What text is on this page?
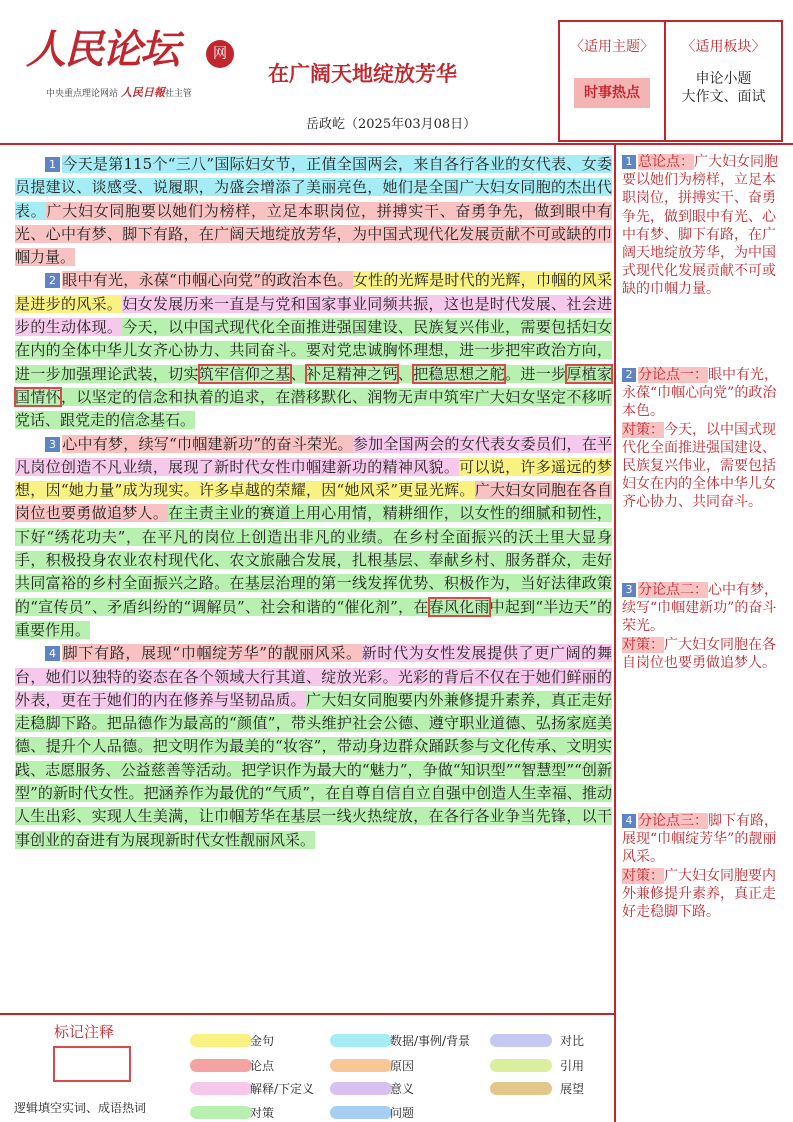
人民论坛	网
中央重点理论网站 人民日報社主管
在广阔天地绽放芳华
岳政屹（2025年03月08日）
〈适用主题〉
时事热点
〈适用板块〉
申论小题
大作文、面试

1 今天是第115个“三八”国际妇女节，正值全国两会，来自各行各业的女代表、女委员提建议、谈感受、说履职，为盛会增添了美丽亮色，她们是全国广大妇女同胞的杰出代表。广大妇女同胞要以她们为榜样，立足本职岗位，拼搏实干、奋勇争先，做到眼中有光、心中有梦、脚下有路，在广阔天地绽放芳华，为中国式现代化发展贡献不可或缺的巾帼力量。

2 眼中有光，永葆“巾帼心向党”的政治本色。女性的光辉是时代的光辉，巾帼的风采是进步的风采。妇女发展历来一直是与党和国家事业同频共振，这也是时代发展、社会进步的生动体现。今天，以中国式现代化全面推进强国建设、民族复兴伟业，需要包括妇女在内的全体中华儿女齐心协力、共同奋斗。要对党忠诚胸怀理想，进一步把牢政治方向，进一步加强理论武装，切实筑牢信仰之基、补足精神之钙、把稳思想之舵。进一步厚植家国情怀，以坚定的信念和执着的追求，在潜移默化、润物无声中筑牢广大妇女坚定不移听党话、跟党走的信念基石。

3 心中有梦，续写“巾帼建新功”的奋斗荣光。参加全国两会的女代表女委员们，在平凡岗位创造不凡业绩，展现了新时代女性巾帼建新功的精神风貌。可以说，许多遥远的梦想，因“她力量”成为现实。许多卓越的荣耀，因“她风采”更显光辉。广大妇女同胞在各自岗位也要勇做追梦人。在主责主业的赛道上用心用情，精耕细作，以女性的细腻和韧性，下好“绣花功夫”，在平凡的岗位上创造出非凡的业绩。在乡村全面振兴的沃土里大显身手，积极投身农业农村现代化、农文旅融合发展，扎根基层、奉献乡村、服务群众，走好共同富裕的乡村全面振兴之路。在基层治理的第一线发挥优势、积极作为，当好法律政策的“宣传员”、矛盾纠纷的“调解员”、社会和谐的“催化剂”，在春风化雨中起到“半边天”的重要作用。

4 脚下有路，展现“巾帼绽芳华”的靓丽风采。新时代为女性发展提供了更广阔的舞台，她们以独特的姿态在各个领域大行其道、绽放光彩。光彩的背后不仅在于她们鲜丽的外表，更在于她们的内在修养与坚韧品质。广大妇女同胞要内外兼修提升素养，真正走好走稳脚下路。把品德作为最高的“颜值”，带头维护社会公德、遵守职业道德、弘扬家庭美德、提升个人品德。把文明作为最美的“妆容”，带动身边群众踊跃参与文化传承、文明实践、志愿服务、公益慈善等活动。把学识作为最大的“魅力”，争做“知识型”“智慧型”“创新型”的新时代女性。把涵养作为最优的“气质”，在自尊自信自立自强中创造人生幸福、推动人生出彩、实现人生美满，让巾帼芳华在基层一线火热绽放，在各行各业争当先锋，以干事创业的奋进有为展现新时代女性靓丽风采。

1 总论点：广大妇女同胞要以她们为榜样，立足本职岗位，拼搏实干、奋勇争先，做到眼中有光、心中有梦、脚下有路，在广阔天地绽放芳华，为中国式现代化发展贡献不可或缺的巾帼力量。
2 分论点一：眼中有光，永葆“巾帼心向党”的政治本色。
对策：今天，以中国式现代化全面推进强国建设、民族复兴伟业，需要包括妇女在内的全体中华儿女齐心协力、共同奋斗。
3 分论点二：心中有梦，续写“巾帼建新功”的奋斗荣光。
对策：广大妇女同胞在各自岗位也要勇做追梦人。
4 分论点三：脚下有路，展现“巾帼绽芳华”的靓丽风采。
对策：广大妇女同胞要内外兼修提升素养，真正走好走稳脚下路。
标记注释
逻辑填空实词、成语热词
金句
论点
解释/下定义
对策
数据/事例/背景
原因
意义
问题
对比
引用
展望
